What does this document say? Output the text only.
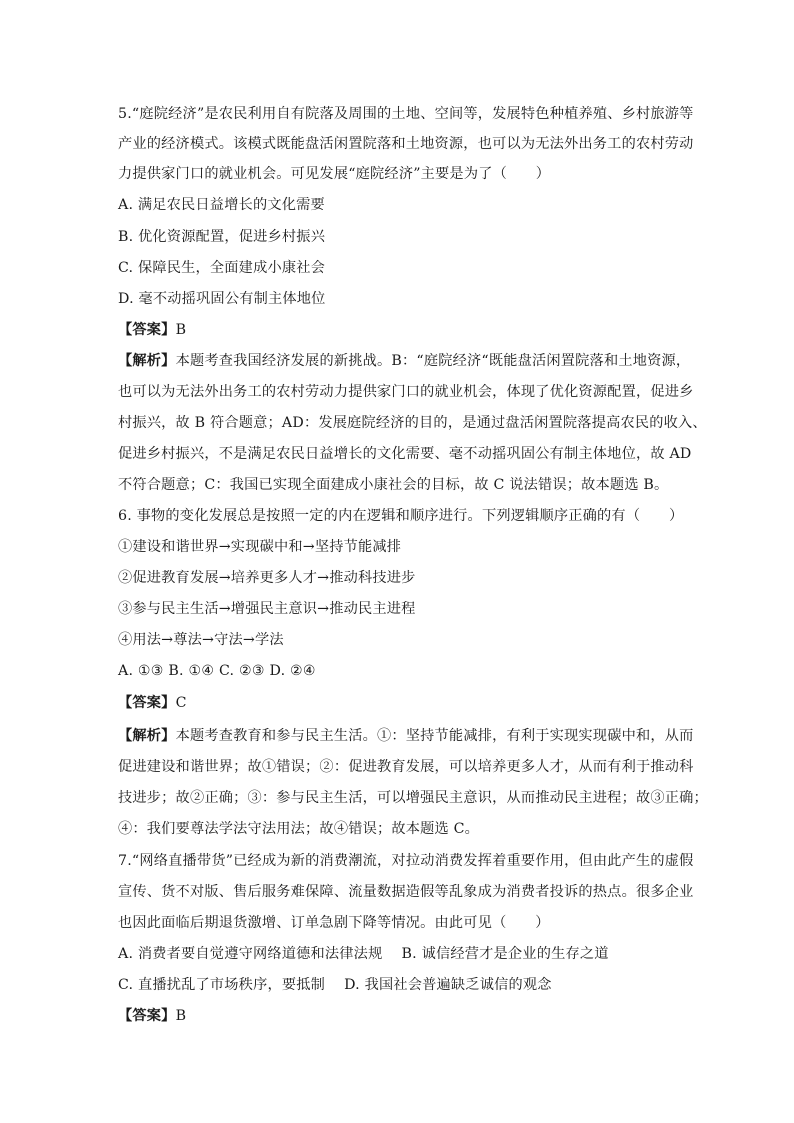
5.“庭院经济”是农民利用自有院落及周围的土地、空间等，发展特色种植养殖、乡村旅游等
产业的经济模式。该模式既能盘活闲置院落和土地资源，也可以为无法外出务工的农村劳动
力提供家门口的就业机会。可见发展“庭院经济”主要是为了（　　）
A. 满足农民日益增长的文化需要
B. 优化资源配置，促进乡村振兴
C. 保障民生，全面建成小康社会
D. 毫不动摇巩固公有制主体地位
【答案】B
【解析】本题考查我国经济发展的新挑战。B：“庭院经济“既能盘活闲置院落和土地资源，
也可以为无法外出务工的农村劳动力提供家门口的就业机会，体现了优化资源配置，促进乡
村振兴，故 B 符合题意；AD：发展庭院经济的目的，是通过盘活闲置院落提高农民的收入、
促进乡村振兴，不是满足农民日益增长的文化需要、毫不动摇巩固公有制主体地位，故 AD
不符合题意；C：我国已实现全面建成小康社会的目标，故 C 说法错误；故本题选 B。
6. 事物的变化发展总是按照一定的内在逻辑和顺序进行。下列逻辑顺序正确的有（　　）
①建设和谐世界→实现碳中和→坚持节能减排
②促进教育发展→培养更多人才→推动科技进步
③参与民主生活→增强民主意识→推动民主进程
④用法→尊法→守法→学法
A. ①③ B. ①④ C. ②③ D. ②④
【答案】C
【解析】本题考查教育和参与民主生活。①：坚持节能减排，有利于实现实现碳中和，从而
促进建设和谐世界；故①错误；②：促进教育发展，可以培养更多人才，从而有利于推动科
技进步；故②正确；③：参与民主生活，可以增强民主意识，从而推动民主进程；故③正确；
④：我们要尊法学法守法用法；故④错误；故本题选 C。
7.“网络直播带货”已经成为新的消费潮流，对拉动消费发挥着重要作用，但由此产生的虚假
宣传、货不对版、售后服务难保障、流量数据造假等乱象成为消费者投诉的热点。很多企业
也因此面临后期退货激增、订单急剧下降等情况。由此可见（　　）
A. 消费者要自觉遵守网络道德和法律法规　 B. 诚信经营才是企业的生存之道
C. 直播扰乱了市场秩序，要抵制　 D. 我国社会普遍缺乏诚信的观念
【答案】B
